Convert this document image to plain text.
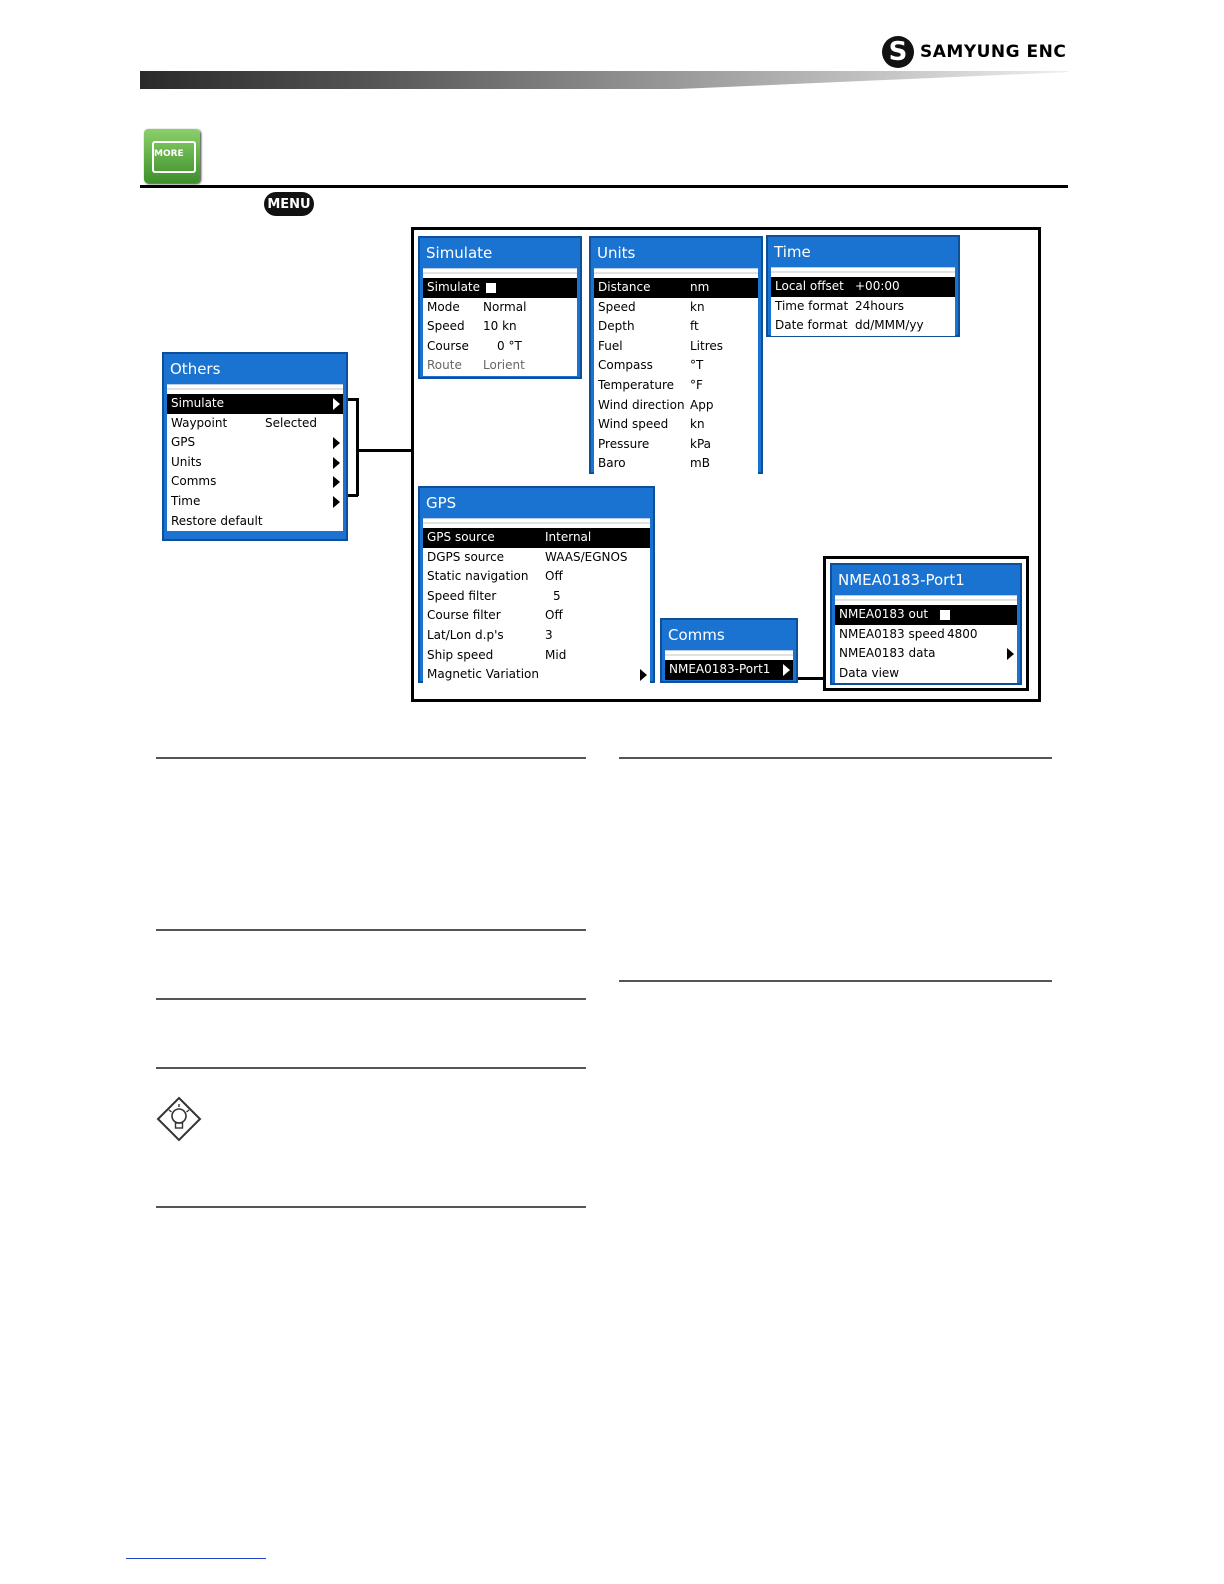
S SAMYUNG ENC
MORE
MENU
Others
Simulate
Waypoint	Selected
GPS
Units
Comms
Time
Restore default
Simulate
Simulate
Mode Normal
Speed 10 kn
Course 0 °T
Route Lorient
Units
Distance	nm
Speed	kn
Depth	ft
Fuel	Litres
Compass	°T
Temperature °F
Wind direction App
Wind speed kn
Pressure	kPa
Baro	mB
Time
Local offset +00:00
Time format 24hours
Date format dd/MMM/yy
GPS
GPS source	Internal
DGPS source	WAAS/EGNOS
Static navigation Off
Speed filter	5
Course filter	Off
Lat/Lon d.p's	3
Ship speed	Mid
Magnetic Variation
Comms
NMEA0183-Port1
NMEA0183-Port1
NMEA0183 out
NMEA0183 speed 4800
NMEA0183 data
Data view
